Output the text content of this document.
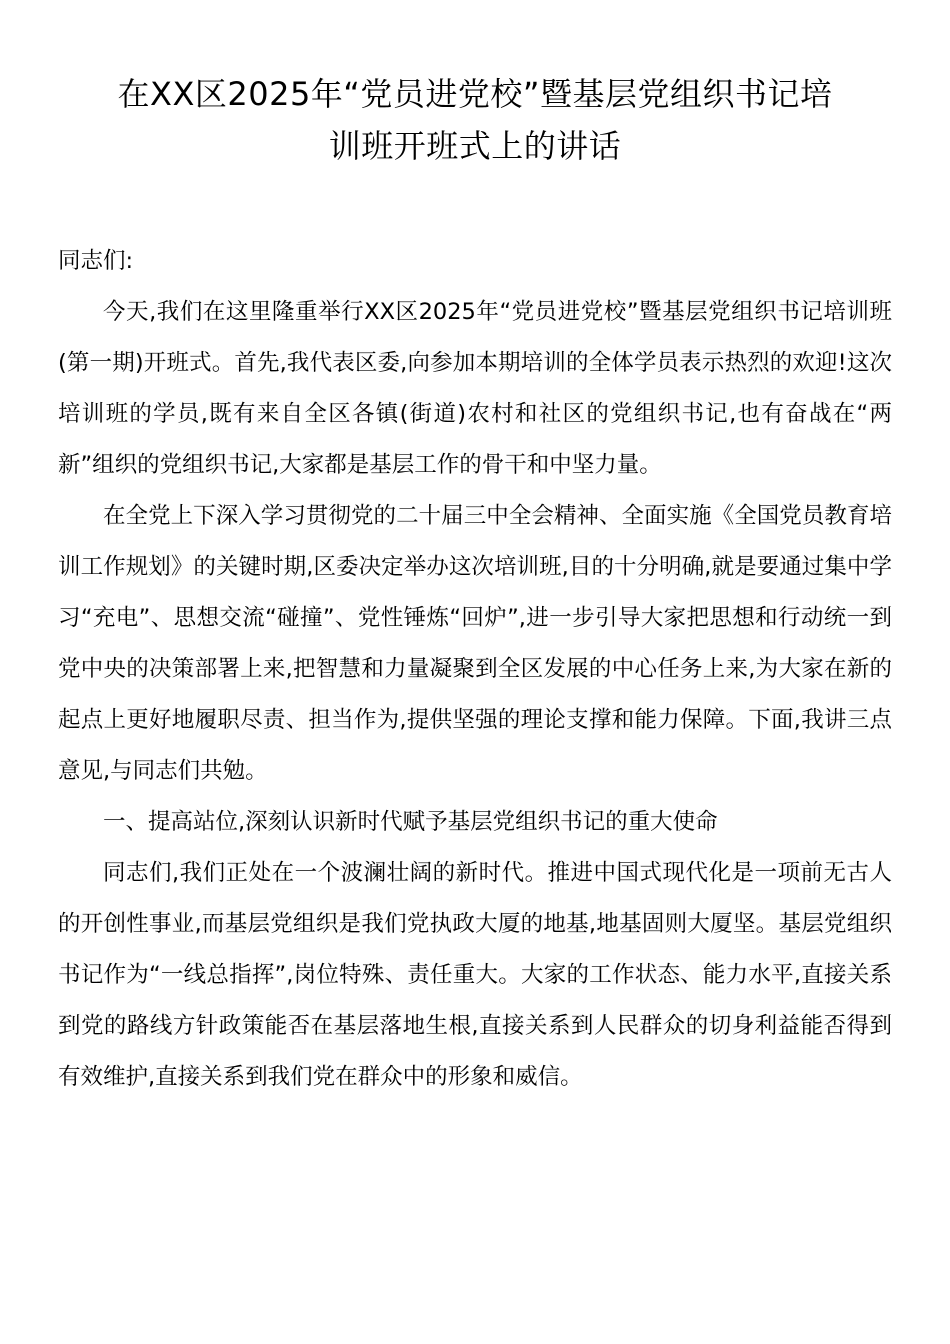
在XX区2025年“党员进党校”暨基层党组织书记培
训班开班式上的讲话

同志们:

今天,我们在这里隆重举行XX区2025年“党员进党校”暨基层党组织书记培训班(第一期)开班式。首先,我代表区委,向参加本期培训的全体学员表示热烈的欢迎!这次培训班的学员,既有来自全区各镇(街道)农村和社区的党组织书记,也有奋战在“两新”组织的党组织书记,大家都是基层工作的骨干和中坚力量。

在全党上下深入学习贯彻党的二十届三中全会精神、全面实施《全国党员教育培训工作规划》的关键时期,区委决定举办这次培训班,目的十分明确,就是要通过集中学习“充电”、思想交流“碰撞”、党性锤炼“回炉”,进一步引导大家把思想和行动统一到党中央的决策部署上来,把智慧和力量凝聚到全区发展的中心任务上来,为大家在新的起点上更好地履职尽责、担当作为,提供坚强的理论支撑和能力保障。下面,我讲三点意见,与同志们共勉。

一、提高站位,深刻认识新时代赋予基层党组织书记的重大使命

同志们,我们正处在一个波澜壮阔的新时代。推进中国式现代化是一项前无古人的开创性事业,而基层党组织是我们党执政大厦的地基,地基固则大厦坚。基层党组织书记作为“一线总指挥”,岗位特殊、责任重大。大家的工作状态、能力水平,直接关系到党的路线方针政策能否在基层落地生根,直接关系到人民群众的切身利益能否得到有效维护,直接关系到我们党在群众中的形象和威信。
